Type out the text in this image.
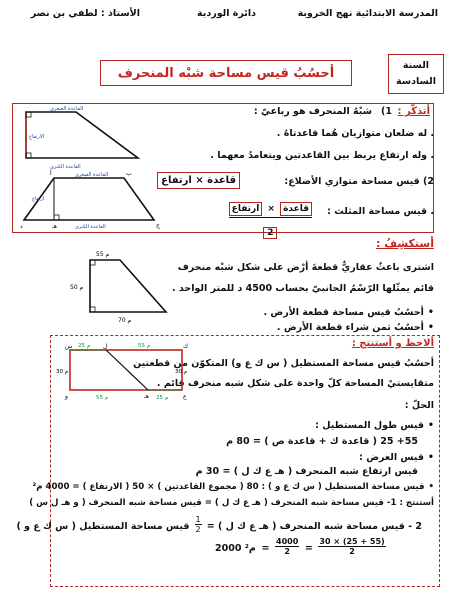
المدرسة الابتدائية نهج الخروبة
دائرة الوردية
الأستاذ : لطفي بن نصر
السنة
السادسة
أحسُبُ قيس مساحة شبْه المنحرف
أتذكّر :
1)
شبْهُ المنحرف هو رباعيّ :
. له ضلعان متوازيان هُما قاعدتاهُ .
. وله ارتفاع يربط بين القاعدتين ويتعامدُ معهما .
2) قيس مساحة متوازي الأضلاع:
قاعدة × ارتفاع
. قيس مساحة المثلث :
قاعدة × ارتفاع
2
القاعدة الصغرى
القاعدة الكبرى
الارتفاع
القاعدة الصغرى
القاعدة الكبرى
ارتفاع
أ	ب
ج
د	هـ
أستكشِفُ :
اشترى باعثٌ عقاريٌّ قطعةَ أرْض على شكل شبْه منحرف
قائم يمثّلها الرّسْمُ الجانبيّ بحساب 4500 د للمتر الواحد .
• أحسُبُ قيس مساحة قطعة الأرض .
• أحسُبُ ثمن شراء قطعة الأرض .
55 م
50 م
70 م
ألاحظ و أستنتج :
أحسُبُ قيس مساحة المستطيل ( س ك ع و) المتكوّن من قطعتين
متقايستيْ المساحة كلّ واحدة على شكل شبه منحرف قائم .
الحلّ :
• قيس طول المستطيل :
55+ 25 ( قاعدة ك + قاعدة ص ) = 80 م
• قيس العرض :
قيس ارتفاع شبه المنحرف ( هـ ع ك ل ) = 30 م
• قيس مساحة المستطيل ( س ك ع و ) : 80 ( مجموع القاعدتين ) × 50 ( الارتفاع ) = 4000 م²
أستنتج : 1- قيس مساحة شبه المنحرف ( هـ ع ك ل ) = قيس مساحة شبه المنحرف ( و هـ ل س )
2 - قيس مساحة شبه المنحرف ( هـ ع ك ل ) =
$\frac{1}{2}$
قيس مساحة المستطيل ( س ك ع و )
2000 م² = $\frac{4000}{2} = \frac{30 \times (25 + 55)}{2}$
25 م	55 م
55 م	25 م
30 م	30 م
س	ل	ك
و	هـ	ع
